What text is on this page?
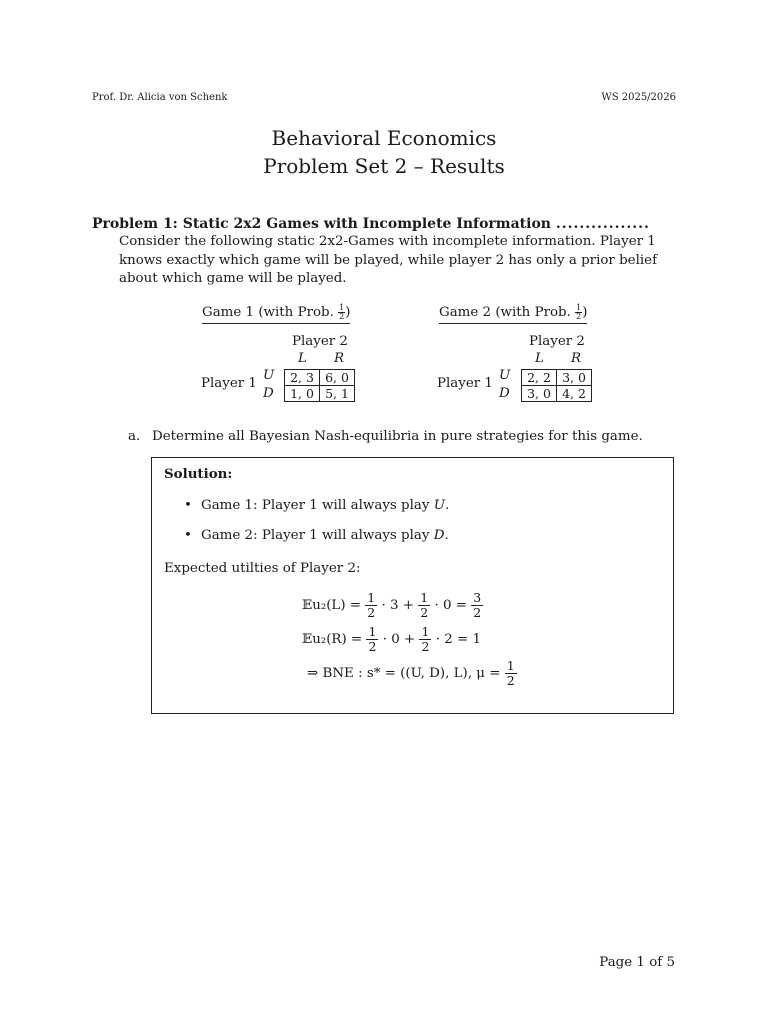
Prof. Dr. Alicia von Schenk	WS 2025/2026
Behavioral Economics
Problem Set 2 – Results
Problem 1: Static 2x2 Games with Incomplete Information ................
Consider the following static 2x2-Games with incomplete information. Player 1 knows exactly which game will be played, while player 2 has only a prior belief about which game will be played.
Game 1 (with Prob. $\frac{1}{2}$ )
Player 2
L R
Player 1
U
D
2, 3	6, 0
1, 0	5, 1
Game 2 (with Prob. $\frac{1}{2}$ )
Player 2
L R
Player 1
U
D
2, 2	3, 0
3, 0	4, 2
a. Determine all Bayesian Nash-equilibria in pure strategies for this game.
Solution:
• Game 1: Player 1 will always play U.
• Game 2: Player 1 will always play D.
Expected utilties of Player 2:
𝔼u₂(L) = $\frac{1}{2} \cdot 3 + \frac{1}{2} \cdot 0 = \frac{3}{2}$
𝔼u₂(R) = $\frac{1}{2} \cdot 0 + \frac{1}{2} \cdot 2 = 1$
⇒ BNE : s* = ((U, D), L), $\mu = \frac{1}{2}$
Page 1 of 5
